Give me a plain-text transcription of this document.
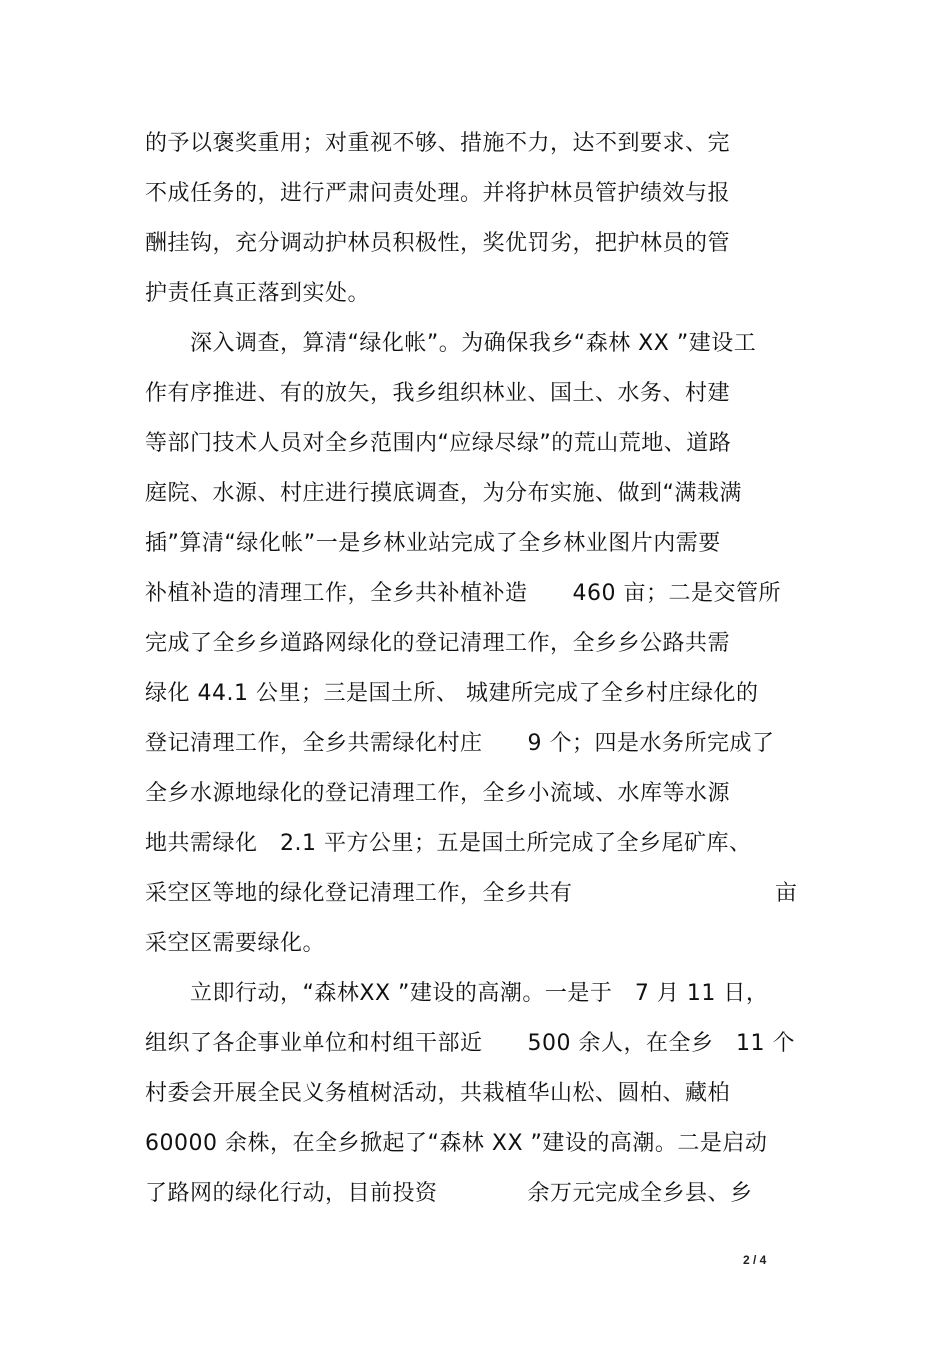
的予以褒奖重用；对重视不够、措施不力，达不到要求、完
不成任务的，进行严肃问责处理。并将护林员管护绩效与报
酬挂钩，充分调动护林员积极性，奖优罚劣，把护林员的管
护责任真正落到实处。
　　深入调查，算清“绿化帐”。为确保我乡“森林 XX ”建设工
作有序推进、有的放矢，我乡组织林业、国土、水务、村建
等部门技术人员对全乡范围内“应绿尽绿”的荒山荒地、道路
庭院、水源、村庄进行摸底调查，为分布实施、做到“满栽满
插”算清“绿化帐”一是乡林业站完成了全乡林业图片内需要
补植补造的清理工作，全乡共补植补造　　460 亩；二是交管所
完成了全乡乡道路网绿化的登记清理工作，全乡乡公路共需
绿化 44.1 公里；三是国土所、 城建所完成了全乡村庄绿化的
登记清理工作，全乡共需绿化村庄　　9 个；四是水务所完成了
全乡水源地绿化的登记清理工作，全乡小流域、水库等水源
地共需绿化　2.1 平方公里；五是国土所完成了全乡尾矿库、
采空区等地的绿化登记清理工作，全乡共有　　　　　　　　　亩
采空区需要绿化。
　　立即行动，“森林XX ”建设的高潮。一是于　7 月 11 日，
组织了各企事业单位和村组干部近　　500 余人，在全乡　11 个
村委会开展全民义务植树活动，共栽植华山松、圆柏、藏柏
60000 余株，在全乡掀起了“森林 XX ”建设的高潮。二是启动
了路网的绿化行动，目前投资　　　　余万元完成全乡县、乡
2 / 4
